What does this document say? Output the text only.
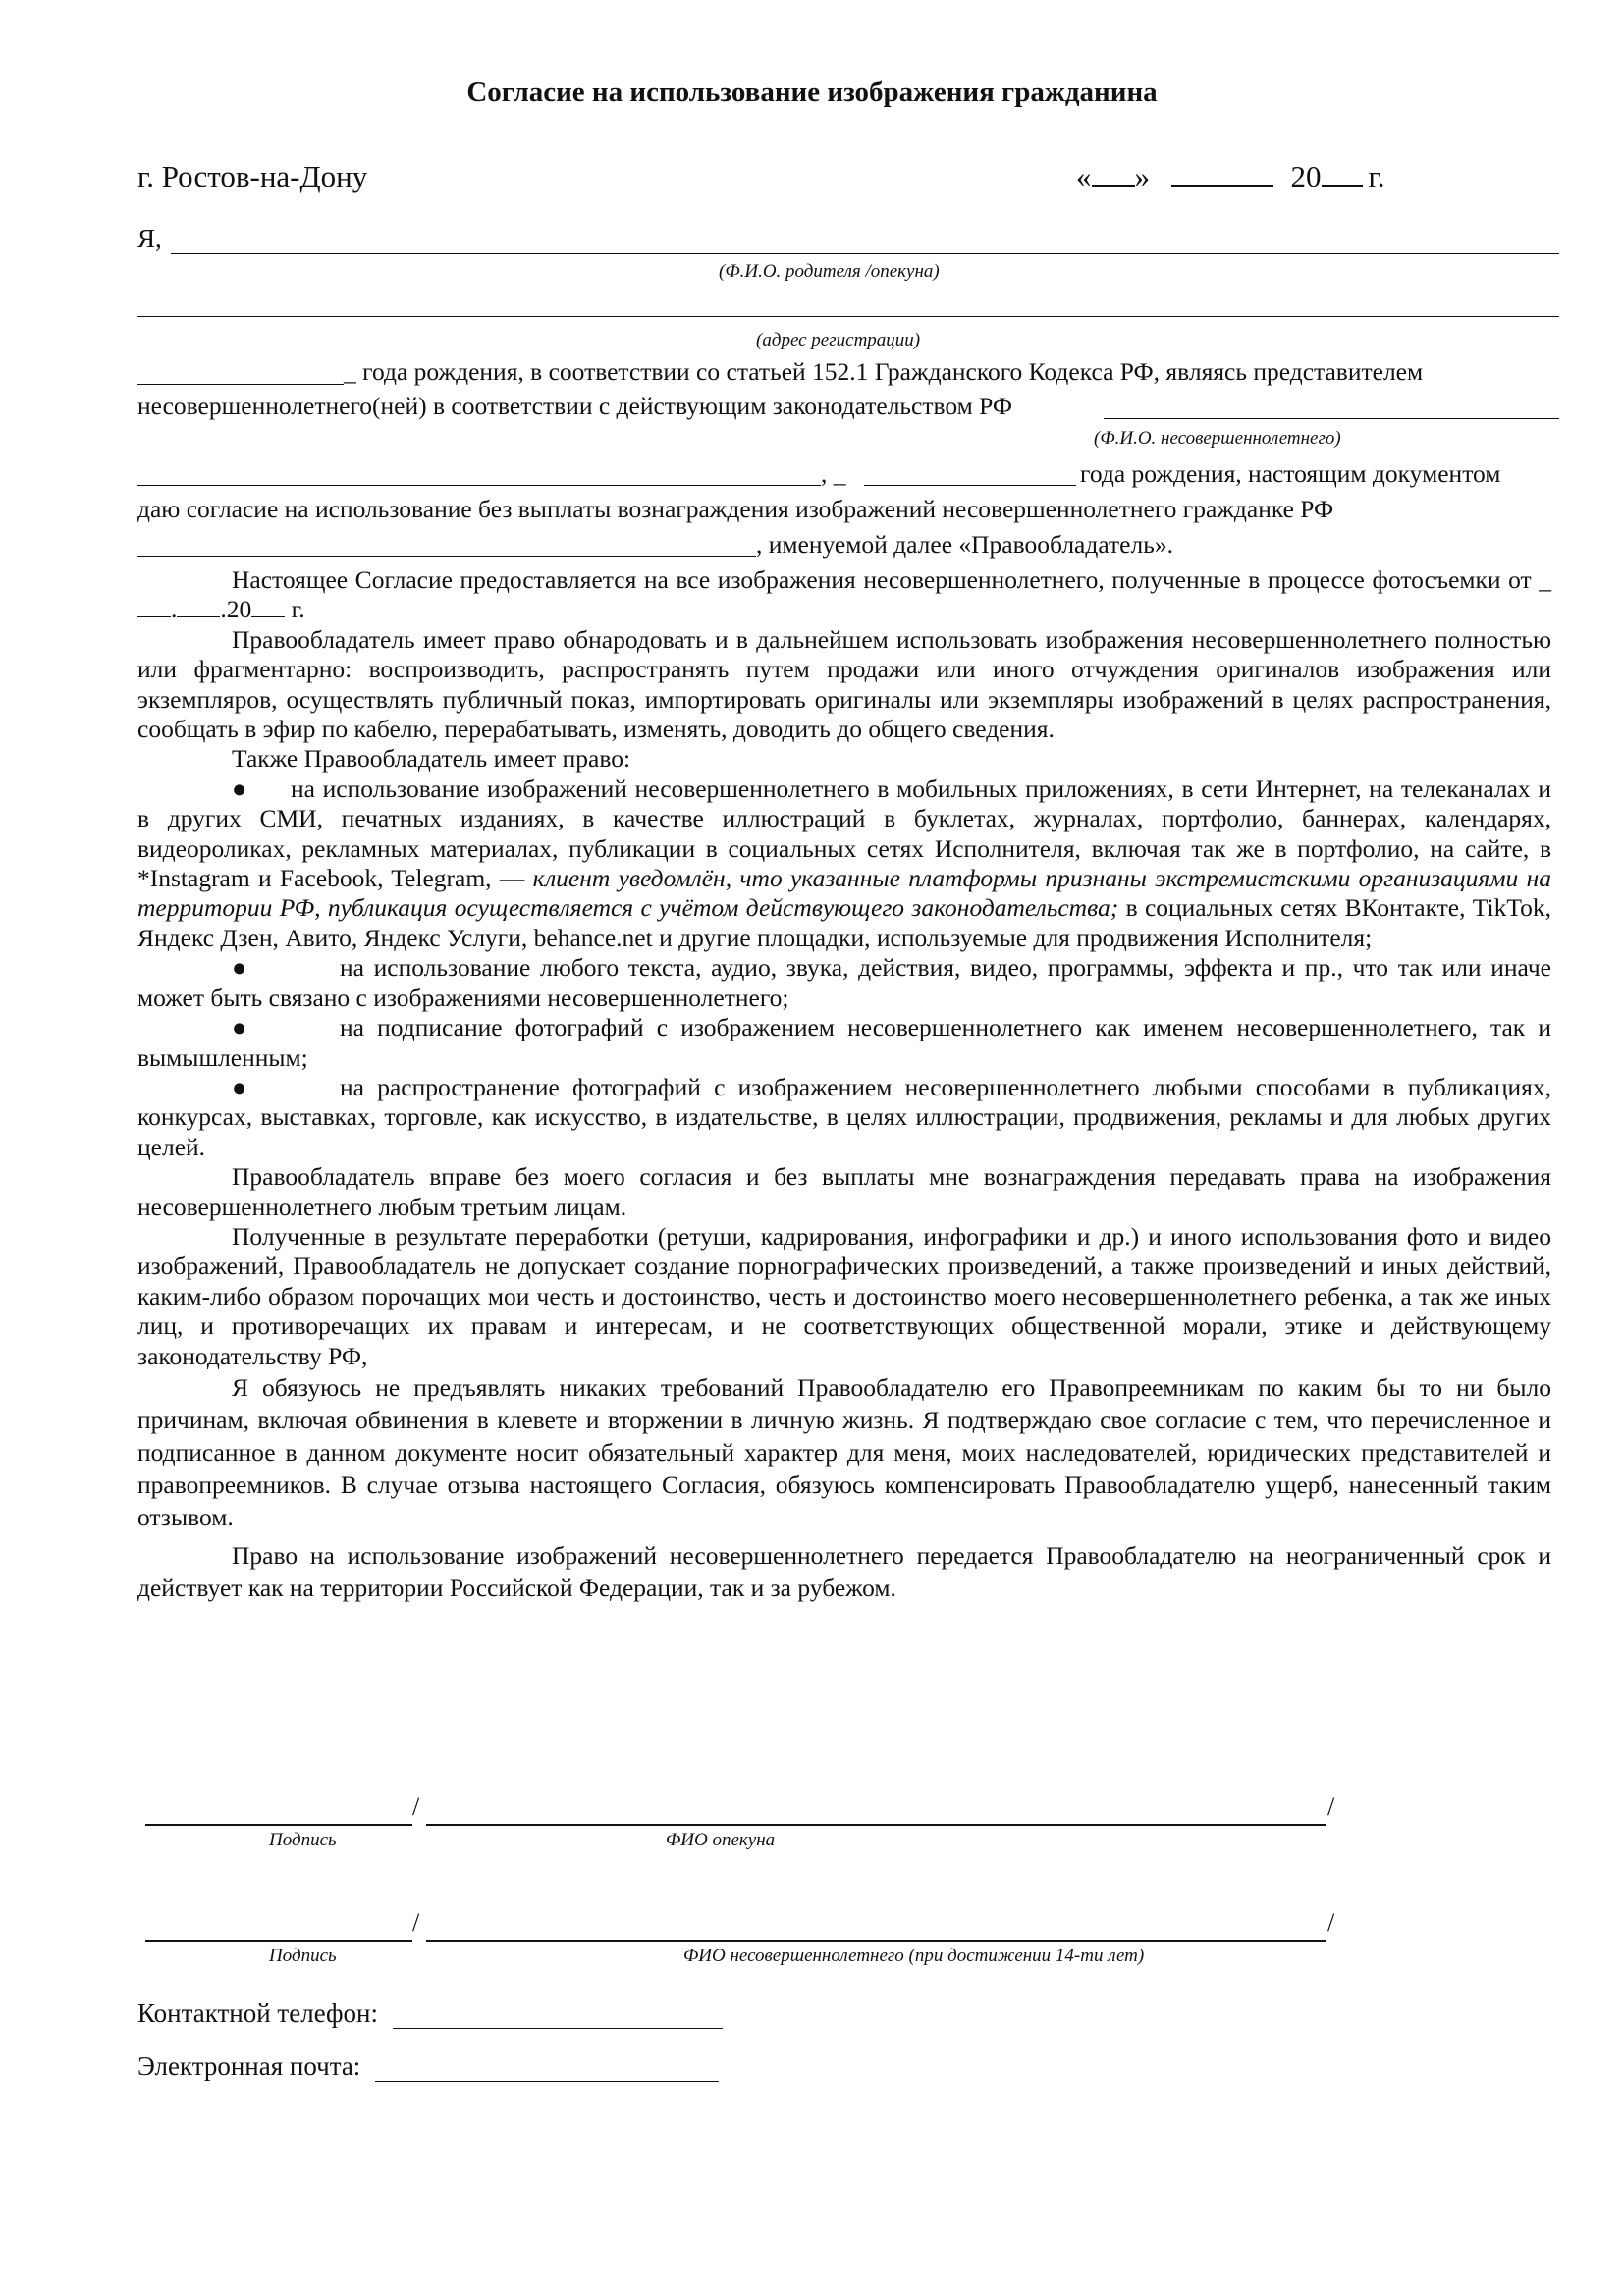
Согласие на использование изображения гражданина
г. Ростов-на-Дону	« »	20 г.
Я,
(Ф.И.О. родителя /опекуна)
(адрес регистрации)
_ года рождения, в соответствии со статьей 152.1 Гражданского Кодекса РФ, являясь представителем
несовершеннолетнего(ней) в соответствии с действующим законодательством РФ
(Ф.И.О. несовершеннолетнего)
, _	года рождения, настоящим документом
даю согласие на использование без выплаты вознаграждения изображений несовершеннолетнего гражданке РФ
, именуемой далее «Правообладатель».

Настоящее Согласие предоставляется на все изображения несовершеннолетнего, полученные в процессе фотосъемки от _. .20 г.

Правообладатель имеет право обнародовать и в дальнейшем использовать изображения несовершеннолетнего полностью или фрагментарно: воспроизводить, распространять путем продажи или иного отчуждения оригиналов изображения или экземпляров, осуществлять публичный показ, импортировать оригиналы или экземпляры изображений в целях распространения, сообщать в эфир по кабелю, перерабатывать, изменять, доводить до общего сведения.

Также Правообладатель имеет право:

● на использование изображений несовершеннолетнего в мобильных приложениях, в сети Интернет, на телеканалах и в других СМИ, печатных изданиях, в качестве иллюстраций в буклетах, журналах, портфолио, баннерах, календарях, видеороликах, рекламных материалах, публикации в социальных сетях Исполнителя, включая так же в портфолио, на сайте, в *Instagram и Facebook, Telegram, — клиент уведомлён, что указанные платформы признаны экстремистскими организациями на территории РФ, публикация осуществляется с учётом действующего законодательства; в социальных сетях ВКонтакте, TikTok, Яндекс Дзен, Авито, Яндекс Услуги, behance.net и другие площадки, используемые для продвижения Исполнителя;

●	на использование любого текста, аудио, звука, действия, видео, программы, эффекта и пр., что так или иначе может быть связано с изображениями несовершеннолетнего;

●	на подписание фотографий с изображением несовершеннолетнего как именем несовершеннолетнего, так и вымышленным;

●	на распространение фотографий с изображением несовершеннолетнего любыми способами в публикациях, конкурсах, выставках, торговле, как искусство, в издательстве, в целях иллюстрации, продвижения, рекламы и для любых других целей.

Правообладатель вправе без моего согласия и без выплаты мне вознаграждения передавать права на изображения несовершеннолетнего любым третьим лицам.

Полученные в результате переработки (ретуши, кадрирования, инфографики и др.) и иного использования фото и видео изображений, Правообладатель не допускает создание порнографических произведений, а также произведений и иных действий, каким-либо образом порочащих мои честь и достоинство, честь и достоинство моего несовершеннолетнего ребенка, а так же иных лиц, и противоречащих их правам и интересам, и не соответствующих общественной морали, этике и действующему законодательству РФ,

Я обязуюсь не предъявлять никаких требований Правообладателю его Правопреемникам по каким бы то ни было причинам, включая обвинения в клевете и вторжении в личную жизнь. Я подтверждаю свое согласие с тем, что перечисленное и подписанное в данном документе носит обязательный характер для меня, моих наследователей, юридических представителей и правопреемников. В случае отзыва настоящего Согласия, обязуюсь компенсировать Правообладателю ущерб, нанесенный таким отзывом.

Право на использование изображений несовершеннолетнего передается Правообладателю на неограниченный срок и действует как на территории Российской Федерации, так и за рубежом.

/	/
Подпись	ФИО опекуна
/	/
Подпись	ФИО несовершеннолетнего (при достижении 14-ти лет)
Контактной телефон:
Электронная почта:
